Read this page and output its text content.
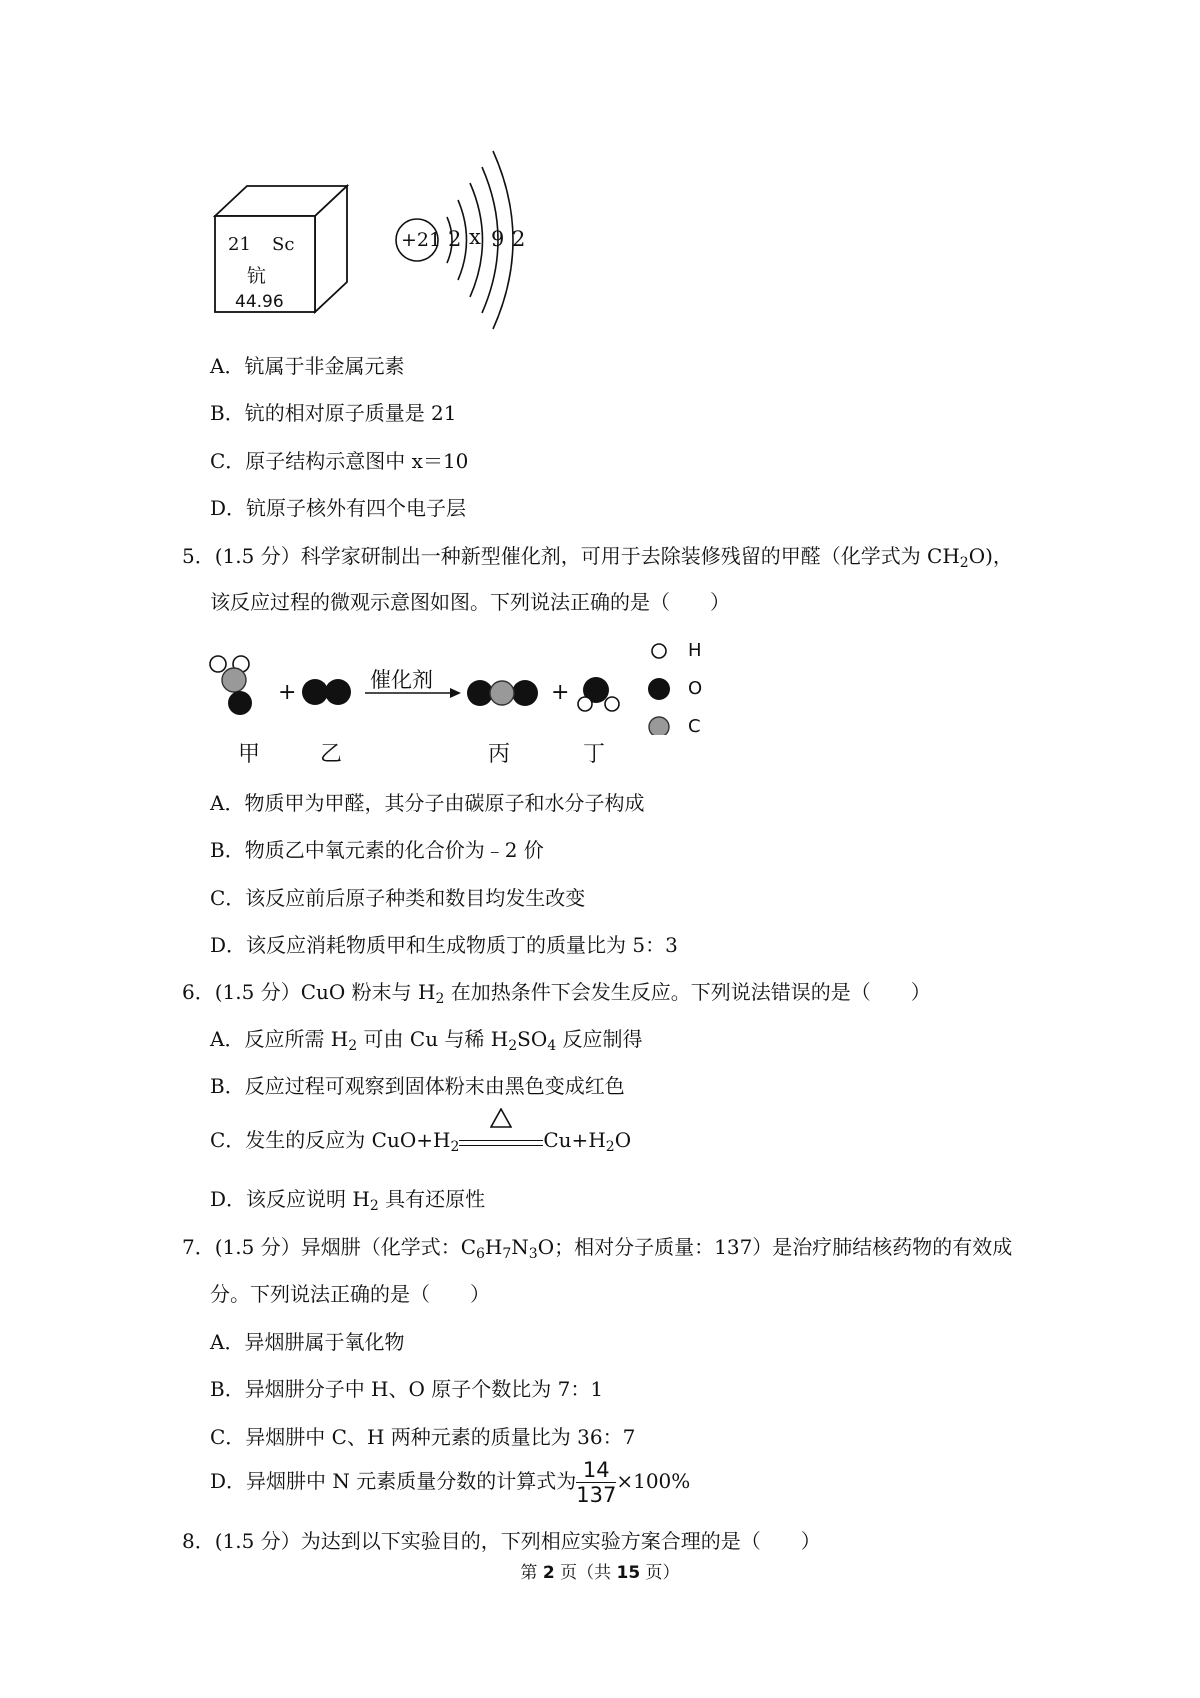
21 Sc
钪
44.96
+21 2 x 9 2
A．钪属于非金属元素
B．钪的相对原子质量是 21
C．原子结构示意图中 x＝10
D．钪原子核外有四个电子层
5．(1.5 分）科学家研制出一种新型催化剂，可用于去除装修残留的甲醛（化学式为 $CH_2O$)，
该反应过程的微观示意图如图。下列说法正确的是（　　）
+	+
催化剂
甲	乙	丙	丁
H
O
C
A．物质甲为甲醛，其分子由碳原子和水分子构成
B．物质乙中氧元素的化合价为﹣2 价
C．该反应前后原子种类和数目均发生改变
D．该反应消耗物质甲和生成物质丁的质量比为 5：3
6．(1.5 分）CuO 粉末与 $H_2$ 在加热条件下会发生反应。下列说法错误的是（　　）
A．反应所需 $H_2$ 可由 Cu 与稀 $H_2SO_4$ 反应制得
B．反应过程可观察到固体粉末由黑色变成红色
C．发生的反应为 $CuO+H_2$	$Cu+H_2O$
D．该反应说明 $H_2$ 具有还原性
7．(1.5 分）异烟肼（化学式：$C_6H_7N_3O$；相对分子质量：137）是治疗肺结核药物的有效成
分。下列说法正确的是（　　）
A．异烟肼属于氧化物
B．异烟肼分子中 H、O 原子个数比为 7：1
C．异烟肼中 C、H 两种元素的质量比为 36：7
D．异烟肼中 N 元素质量分数的计算式为 $\frac{14}{137} \times 100\%$
8．(1.5 分）为达到以下实验目的，下列相应实验方案合理的是（　　）
第 2 页（共 15 页）
